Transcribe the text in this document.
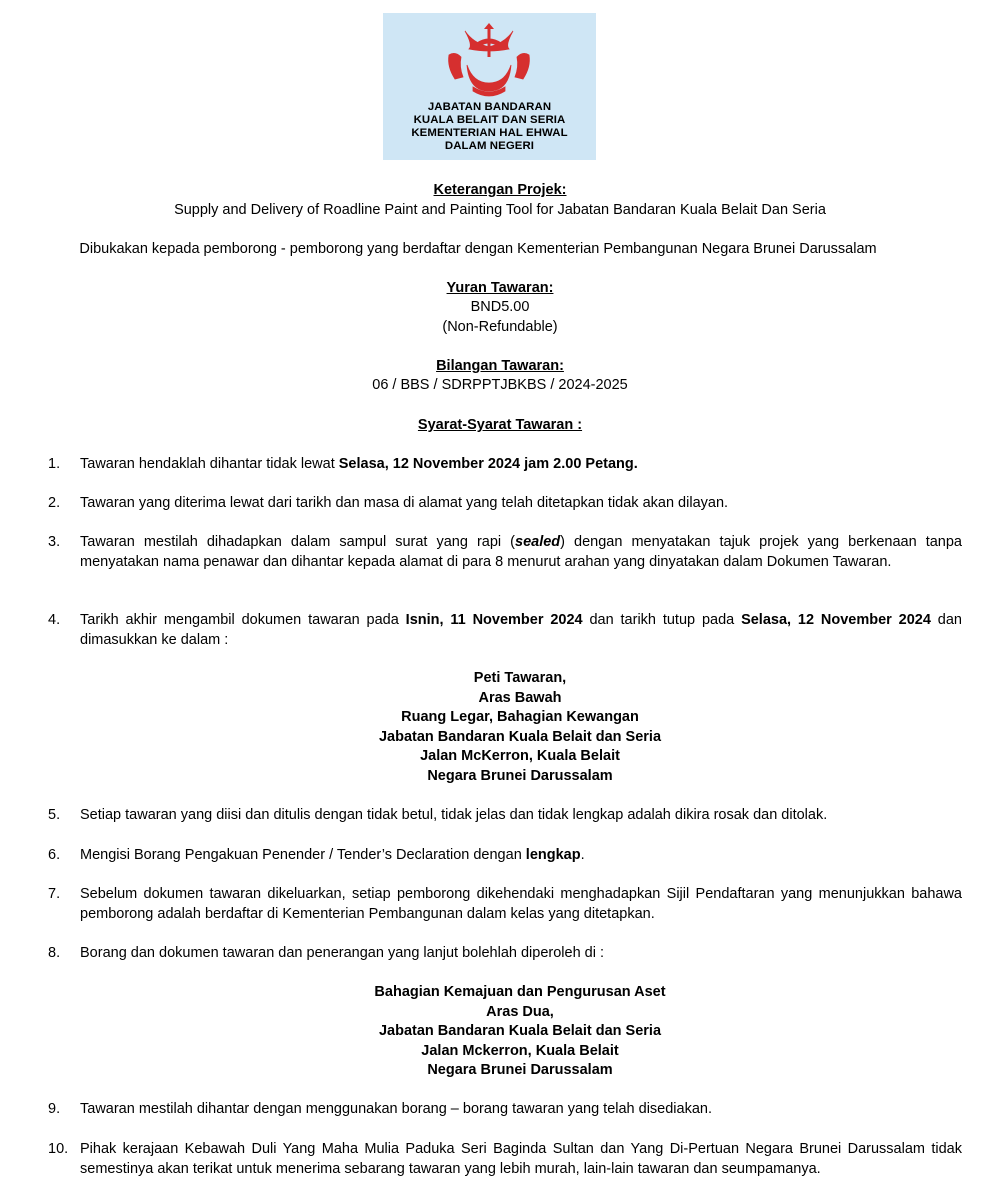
JABATAN BANDARAN
KUALA BELAIT DAN SERIA
KEMENTERIAN HAL EHWAL
DALAM NEGERI
Keterangan Projek:
Supply and Delivery of Roadline Paint and Painting Tool for Jabatan Bandaran Kuala Belait Dan Seria
Dibukakan kepada pemborong - pemborong yang berdaftar dengan Kementerian Pembangunan Negara Brunei Darussalam
Yuran Tawaran:
BND5.00
(Non-Refundable)
Bilangan Tawaran:
06 / BBS / SDRPPTJBKBS / 2024-2025
Syarat-Syarat Tawaran :
1. Tawaran hendaklah dihantar tidak lewat Selasa, 12 November 2024 jam 2.00 Petang.
2. Tawaran yang diterima lewat dari tarikh dan masa di alamat yang telah ditetapkan tidak akan dilayan.
3. Tawaran mestilah dihadapkan dalam sampul surat yang rapi (sealed) dengan menyatakan tajuk projek yang berkenaan tanpa menyatakan nama penawar dan dihantar kepada alamat di para 8 menurut arahan yang dinyatakan dalam Dokumen Tawaran.
4. Tarikh akhir mengambil dokumen tawaran pada Isnin, 11 November 2024 dan tarikh tutup pada Selasa, 12 November 2024 dan dimasukkan ke dalam :
Peti Tawaran,
Aras Bawah
Ruang Legar, Bahagian Kewangan
Jabatan Bandaran Kuala Belait dan Seria
Jalan McKerron, Kuala Belait
Negara Brunei Darussalam
5. Setiap tawaran yang diisi dan ditulis dengan tidak betul, tidak jelas dan tidak lengkap adalah dikira rosak dan ditolak.
6. Mengisi Borang Pengakuan Penender / Tender’s Declaration dengan lengkap.
7. Sebelum dokumen tawaran dikeluarkan, setiap pemborong dikehendaki menghadapkan Sijil Pendaftaran yang menunjukkan bahawa pemborong adalah berdaftar di Kementerian Pembangunan dalam kelas yang ditetapkan.
8. Borang dan dokumen tawaran dan penerangan yang lanjut bolehlah diperoleh di :
Bahagian Kemajuan dan Pengurusan Aset
Aras Dua,
Jabatan Bandaran Kuala Belait dan Seria
Jalan Mckerron, Kuala Belait
Negara Brunei Darussalam
9. Tawaran mestilah dihantar dengan menggunakan borang – borang tawaran yang telah disediakan.
10. Pihak kerajaan Kebawah Duli Yang Maha Mulia Paduka Seri Baginda Sultan dan Yang Di-Pertuan Negara Brunei Darussalam tidak semestinya akan terikat untuk menerima sebarang tawaran yang lebih murah, lain-lain tawaran dan seumpamanya.
